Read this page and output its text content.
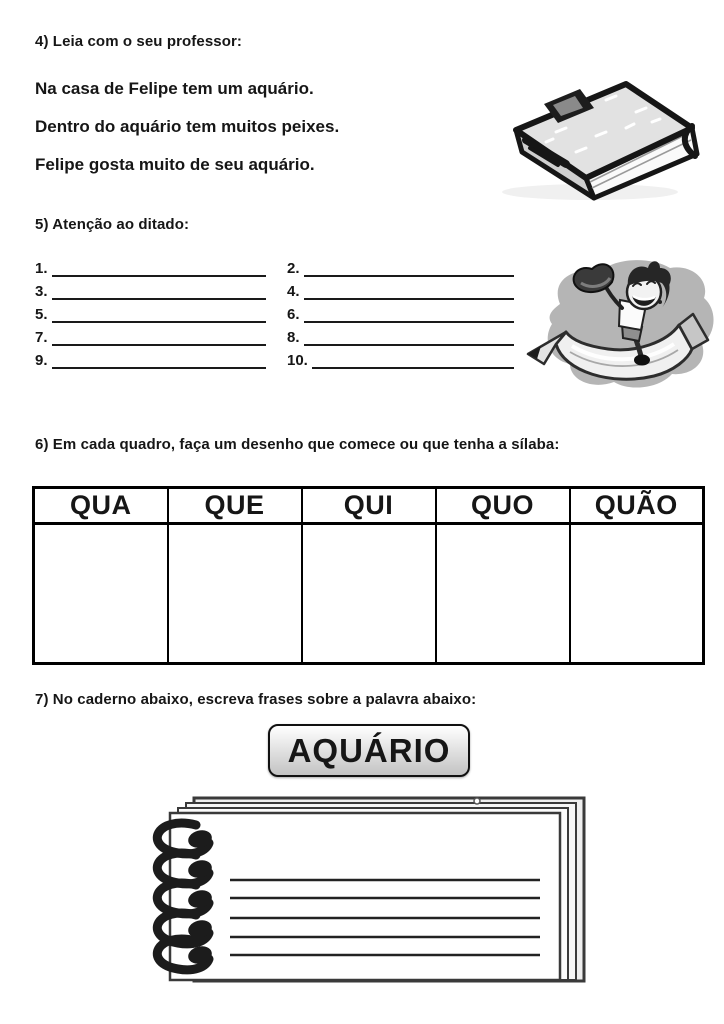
4) Leia com o seu professor:
Na casa de Felipe tem um aquário.
Dentro do aquário tem muitos peixes.
Felipe gosta muito de seu aquário.
5) Atenção ao ditado:
1.	2.
3.	4.
5.	6.
7.	8.
9.	10.
6) Em cada quadro, faça um desenho que comece ou que tenha a sílaba:
QUA	QUE	QUI	QUO	QUÃO

7) No caderno abaixo, escreva frases sobre a palavra abaixo:
AQUÁRIO
